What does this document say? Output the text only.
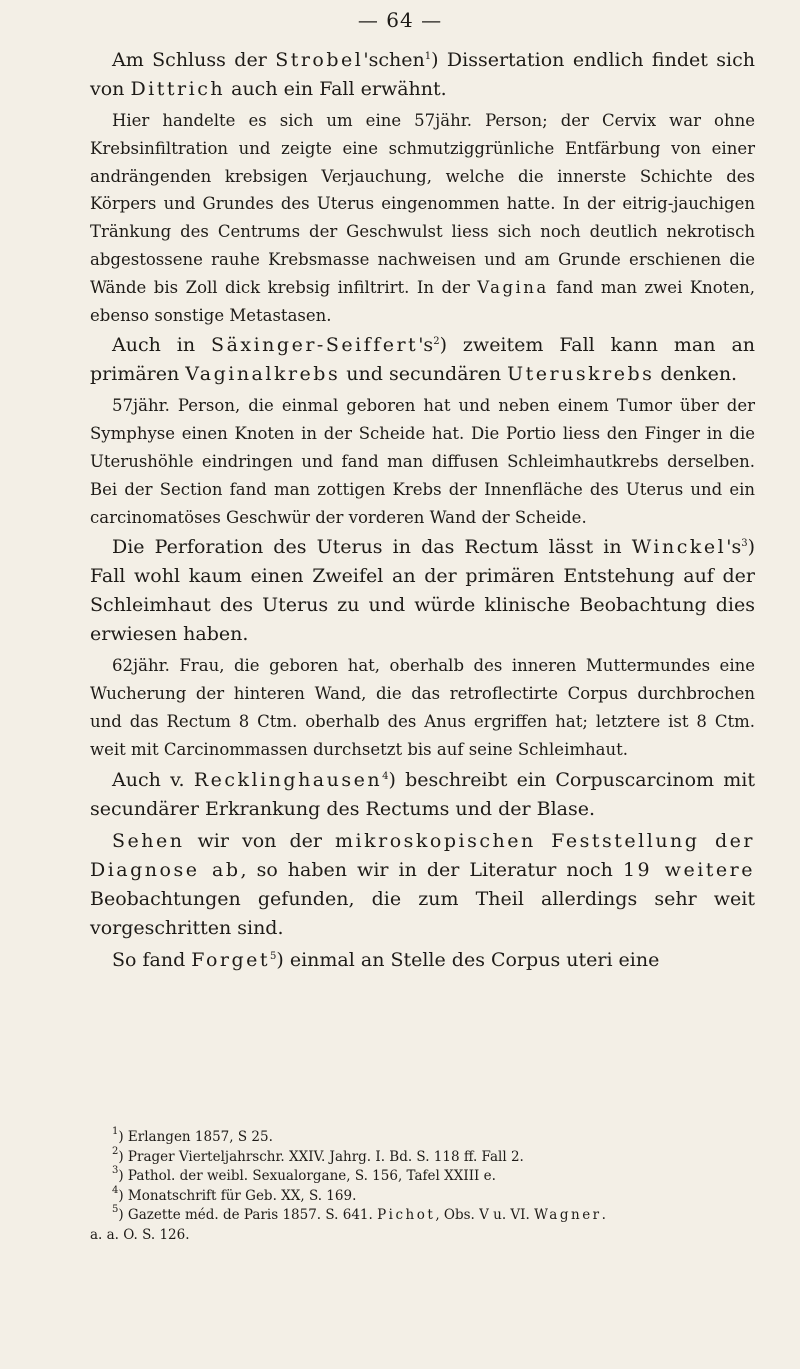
— 64 —

Am Schluss der Strobel'schen$^1$) Dissertation endlich findet sich von Dittrich auch ein Fall erwähnt.

Hier handelte es sich um eine 57jähr. Person; der Cervix war ohne Krebsinfiltration und zeigte eine schmutziggrünliche Entfärbung von einer andrängenden krebsigen Verjauchung, welche die innerste Schichte des Körpers und Grundes des Uterus eingenommen hatte. In der eitrig-jauchigen Tränkung des Centrums der Geschwulst liess sich noch deutlich nekrotisch abgestossene rauhe Krebsmasse nachweisen und am Grunde erschienen die Wände bis Zoll dick krebsig infiltrirt. In der Vagina fand man zwei Knoten, ebenso sonstige Metastasen.

Auch in Säxinger-$Seiffert's^2$) zweitem Fall kann man an primären Vaginalkrebs und secundären Uteruskrebs denken.

57jähr. Person, die einmal geboren hat und neben einem Tumor über der Symphyse einen Knoten in der Scheide hat. Die Portio liess den Finger in die Uterushöhle eindringen und fand man diffusen Schleimhautkrebs derselben. Bei der Section fand man zottigen Krebs der Innenfläche des Uterus und ein carcinomatöses Geschwür der vorderen Wand der Scheide.

Die Perforation des Uterus in das Rectum lässt in $Winckel's^3$) Fall wohl kaum einen Zweifel an der primären Entstehung auf der Schleimhaut des Uterus zu und würde klinische Beobachtung dies erwiesen haben.

62jähr. Frau, die geboren hat, oberhalb des inneren Muttermundes eine Wucherung der hinteren Wand, die das retroflectirte Corpus durchbrochen und das Rectum 8 Ctm. oberhalb des Anus ergriffen hat; letztere ist 8 Ctm. weit mit Carcinommassen durchsetzt bis auf seine Schleimhaut.

Auch v. Recklinghausen$^4$) beschreibt ein Corpuscarcinom mit secundärer Erkrankung des Rectums und der Blase.

Sehen wir von der mikroskopischen Feststellung der Diagnose ab, so haben wir in der Literatur noch 19 weitere Beobachtungen gefunden, die zum Theil allerdings sehr weit vorgeschritten sind.

So fand Forget$^5$) einmal an Stelle des Corpus uteri eine

$^1$) Erlangen 1857, S 25.
$^2$) Prager Vierteljahrschr. XXIV. Jahrg. I. Bd. S. 118 ff. Fall 2.
$^3$) Pathol. der weibl. Sexualorgane, S. 156, Tafel XXIII e.
$^4$) Monatschrift für Geb. XX, S. 169.
$^5$) Gazette méd. de Paris 1857. S. 641. Pichot, Obs. V u. VI. Wagner.
a. a. O. S. 126.
